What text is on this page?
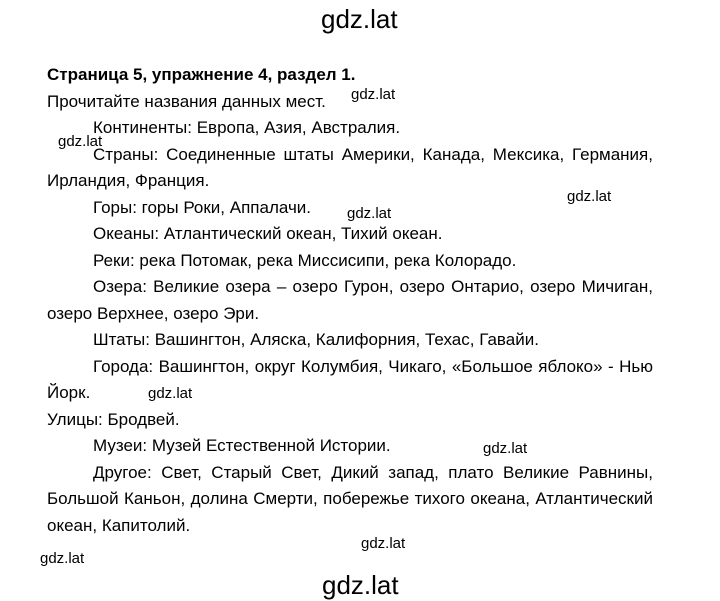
gdz.lat

Страница 5, упражнение 4, раздел 1.

Прочитайте названия данных мест.

Континенты: Европа, Азия, Австралия.

Страны: Соединенные штаты Америки, Канада, Мексика, Германия, Ирландия, Франция.

Горы: горы Роки, Аппалачи.

Океаны: Атлантический океан, Тихий океан.

Реки: река Потомак, река Миссисипи, река Колорадо.

Озера: Великие озера – озеро Гурон, озеро Онтарио, озеро Мичиган, озеро Верхнее, озеро Эри.

Штаты: Вашингтон, Аляска, Калифорния, Техас, Гавайи.

Города: Вашингтон, округ Колумбия, Чикаго, «Большое яблоко» - Нью Йорк.

Улицы: Бродвей.

Музеи: Музей Естественной Истории.

Другое: Свет, Старый Свет, Дикий запад, плато Великие Равнины, Большой Каньон, долина Смерти, побережье тихого океана, Атлантический океан, Капитолий.

gdz.lat
gdz.lat
gdz.lat
gdz.lat
gdz.lat
gdz.lat
gdz.lat
gdz.lat
gdz.lat
